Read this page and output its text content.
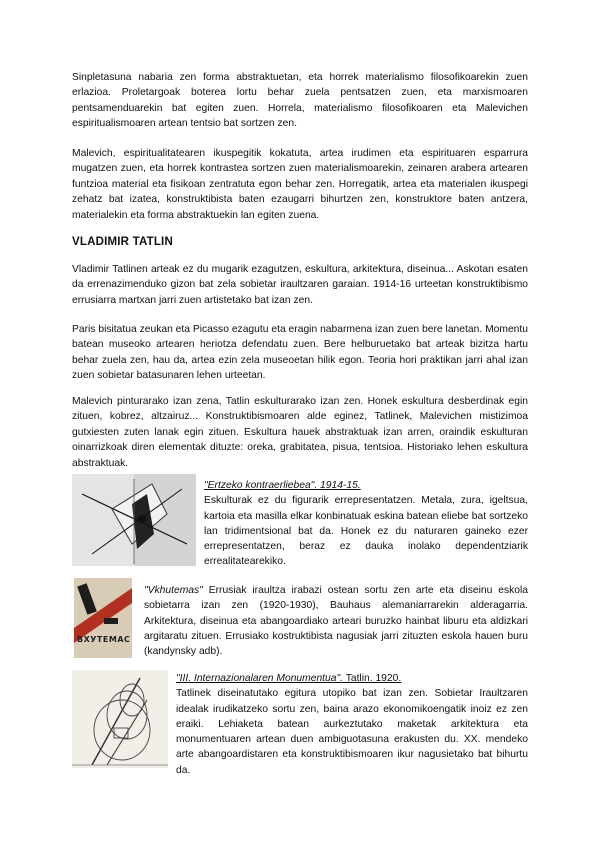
Sinpletasuna nabaria zen forma abstraktuetan, eta horrek materialismo filosofikoarekin zuen erlazioa. Proletargoak boterea lortu behar zuela pentsatzen zuen, eta marxismoaren pentsamenduarekin bat egiten zuen. Horrela, materialismo filosofikoaren eta Malevichen espiritualismoaren artean tentsio bat sortzen zen.

Malevich, espiritualitatearen ikuspegitik kokatuta, artea irudimen eta espirituaren esparrura mugatzen zuen, eta horrek kontrastea sortzen zuen materialismoarekin, zeinaren arabera artearen funtzioa material eta fisikoan zentratuta egon behar zen. Horregatik, artea eta materialen ikuspegi zehatz bat izatea, konstruktibista baten ezaugarri bihurtzen zen, konstruktore baten antzera, materialekin eta forma abstraktuekin lan egiten zuena.

VLADIMIR TATLIN

Vladimir Tatlinen arteak ez du mugarik ezagutzen, eskultura, arkitektura, diseinua... Askotan esaten da errenazimenduko gizon bat zela sobietar iraultzaren garaian. 1914-16 urteetan konstruktibismo errusiarra martxan jarri zuen artistetako bat izan zen.

Paris bisitatua zeukan eta Picasso ezagutu eta eragin nabarmena izan zuen bere lanetan. Momentu batean museoko artearen heriotza defendatu zuen. Bere helburuetako bat arteak bizitza hartu behar zuela zen, hau da, artea ezin zela museoetan hilik egon. Teoria hori praktikan jarri ahal izan zuen sobietar batasunaren lehen urteetan.

Malevich pinturarako izan zena, Tatlin eskulturarako izan zen. Honek eskultura desberdinak egin zituen, kobrez, altzairuz... Konstruktibismoaren alde eginez, Tatlinek, Malevichen mistizimoa gutxiesten zuten lanak egin zituen. Eskultura hauek abstraktuak izan arren, oraindik eskulturan oinarrizkoak diren elementak dituzte: oreka, grabitatea, pisua, tentsioa. Historiako lehen eskultura abstraktuak.

"Ertzeko kontraerliebea". 1914-15.
Eskulturak ez du figurarik errepresentatzen. Metala, zura, igeltsua, kartoia eta masilla elkar konbinatuak eskina batean eliebe bat sortzeko lan tridimentsional bat da. Honek ez du naturaren gaineko ezer errepresentatzen, beraz ez dauka inolako dependentziarik errealitatearekiko.

ВХУТЕМАС

"Vkhutemas" Errusiak iraultza irabazi ostean sortu zen arte eta diseinu eskola sobietarra izan zen (1920-1930), Bauhaus alemaniarrarekin alderagarria. Arkitektura, diseinua eta abangoardiako arteari buruzko hainbat liburu eta aldizkari argitaratu zituen. Errusiako kostruktibista nagusiak jarri zituzten eskola hauen buru (kandynsky adb).

"III. Internazionalaren Monumentua". Tatlin. 1920.
Tatlinek diseinatutako egitura utopiko bat izan zen. Sobietar Iraultzaren idealak irudikatzeko sortu zen, baina arazo ekonomikoengatik inoiz ez zen eraiki. Lehiaketa batean aurkeztutako maketak arkitektura eta monumentuaren artean duen ambiguotasuna erakusten du. XX. mendeko arte abangoardistaren eta konstruktibismoaren ikur nagusietako bat bihurtu da.
